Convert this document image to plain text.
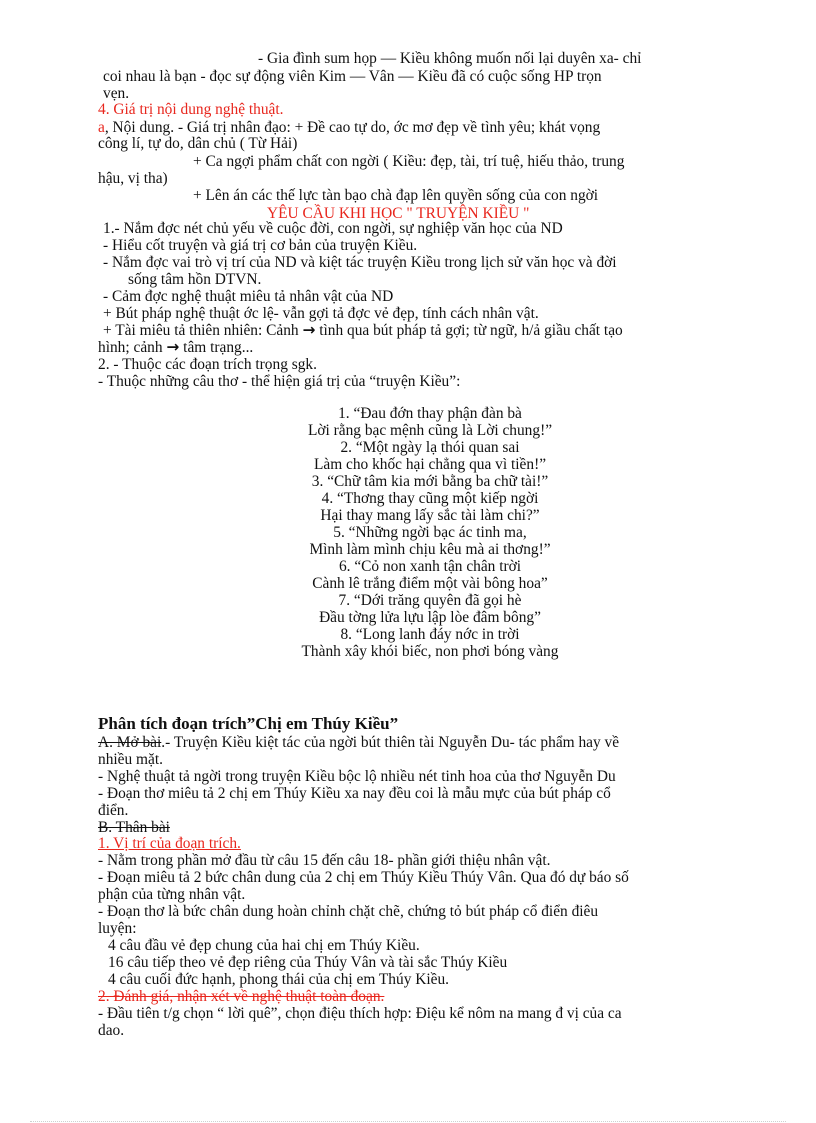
- Gia đình sum họp — Kiều không muốn nối lại duyên xa- chỉ

coi nhau là bạn - đọc sự động viên Kim — Vân — Kiều đã có cuộc sống HP trọn

vẹn.

4. Giá trị nội dung nghệ thuật.

a, Nội dung. - Giá trị nhân đạo: + Đề cao tự do, ớc mơ đẹp về tình yêu; khát vọng

công lí, tự do, dân chủ ( Từ Hải)

+ Ca ngợi phẩm chất con ngời ( Kiều: đẹp, tài, trí tuệ, hiếu thảo, trung

hậu, vị tha)

+ Lên án các thế lực tàn bạo chà đạp lên quyền sống của con ngời

YÊU CẦU KHI HỌC " TRUYỆN KIỀU "

1.- Nắm đợc nét chủ yếu về cuộc đời, con ngời, sự nghiệp văn học của ND

- Hiểu cốt truyện và giá trị cơ bản của truyện Kiều.

- Nắm đợc vai trò vị trí của ND và kiệt tác truyện Kiều trong lịch sử văn học và đời

sống tâm hồn DTVN.

- Cảm đợc nghệ thuật miêu tả nhân vật của ND

+ Bút pháp nghệ thuật ớc lệ- vẫn gợi tả đợc vẻ đẹp, tính cách nhân vật.

+ Tài miêu tả thiên nhiên: Cảnh → tình qua bút pháp tả gợi; từ ngữ, h/ả giầu chất tạo

hình; cảnh → tâm trạng...

2. - Thuộc các đoạn trích trọng sgk.

- Thuộc những câu thơ - thể hiện giá trị của “truyện Kiều”:

1. “Đau đớn thay phận đàn bà

Lời rằng bạc mệnh cũng là Lời chung!”

2. “Một ngày lạ thói quan sai

Làm cho khốc hại chẳng qua vì tiền!”

3. “Chữ tâm kia mới bằng ba chữ tài!”

4. “Thơng thay cũng một kiếp ngời

Hại thay mang lấy sắc tài làm chi?”

5. “Những ngời bạc ác tinh ma,

Mình làm mình chịu kêu mà ai thơng!”

6. “Cỏ non xanh tận chân trời

Cành lê trắng điểm một vài bông hoa”

7. “Dới trăng quyên đã gọi hè

Đầu tờng lửa lựu lập lòe đâm bông”

8. “Long lanh đáy nớc in trời

Thành xây khói biếc, non phơi bóng vàng

Phân tích đoạn trích”Chị em Thúy Kiều”

A. Mở bài.- Truyện Kiều kiệt tác của ngời bút thiên tài Nguyễn Du- tác phẩm hay về

nhiều mặt.

- Nghệ thuật tả ngời trong truyện Kiều bộc lộ nhiều nét tinh hoa của thơ Nguyễn Du

- Đoạn thơ miêu tả 2 chị em Thúy Kiều xa nay đều coi là mẫu mực của bút pháp cổ

điển.

B. Thân bài

1. Vị trí của đoạn trích.

- Nằm trong phần mở đầu từ câu 15 đến câu 18- phần giới thiệu nhân vật.

- Đoạn miêu tả 2 bức chân dung của 2 chị em Thúy Kiều Thúy Vân. Qua đó dự báo số

phận của từng nhân vật.

- Đoạn thơ là bức chân dung hoàn chỉnh chặt chẽ, chứng tỏ bút pháp cổ điển điêu

luyện:

4 câu đầu vẻ đẹp chung của hai chị em Thúy Kiều.

16 câu tiếp theo vẻ đẹp riêng của Thúy Vân và tài sắc Thúy Kiều

4 câu cuối đức hạnh, phong thái của chị em Thúy Kiều.

2. Đánh giá, nhận xét về nghệ thuật toàn đoạn.

- Đầu tiên t/g chọn “ lời quê”, chọn điệu thích hợp: Điệu kể nôm na mang đ vị của ca

dao.
